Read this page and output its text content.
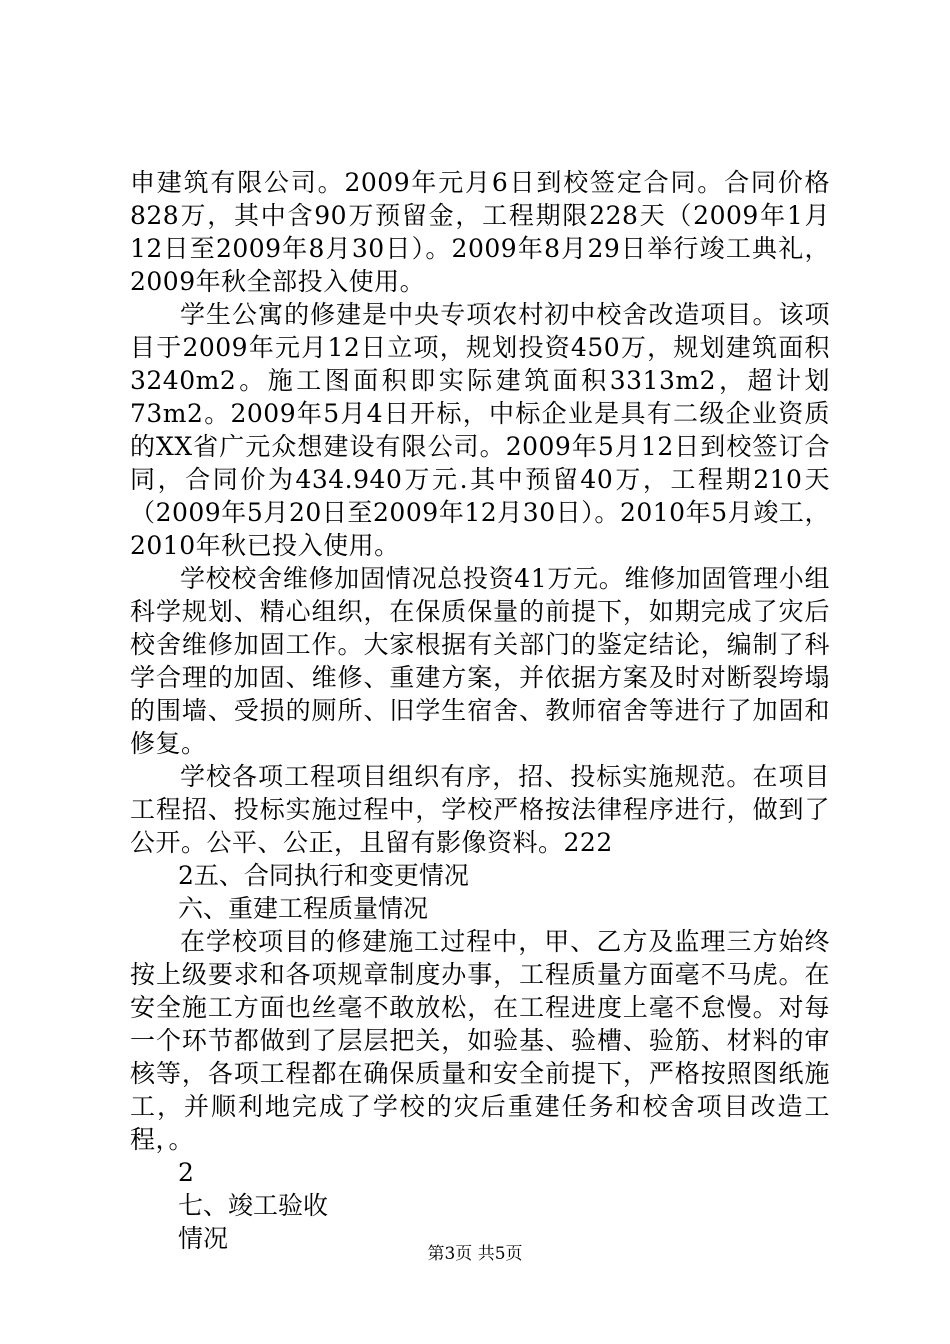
申建筑有限公司。2009年元月6日到校签定合同。合同价格828万，其中含90万预留金，工程期限228天（2009年1月12日至2009年8月30日）。2009年8月29日举行竣工典礼，2009年秋全部投入使用。

学生公寓的修建是中央专项农村初中校舍改造项目。该项目于2009年元月12日立项，规划投资450万，规划建筑面积3240m2。施工图面积即实际建筑面积3313m2，超计划73m2。2009年5月4日开标，中标企业是具有二级企业资质的XX省广元众想建设有限公司。2009年5月12日到校签订合同，合同价为434.940万元.其中预留40万，工程期210天（2009年5月20日至2009年12月30日）。2010年5月竣工，2010年秋已投入使用。

学校校舍维修加固情况总投资41万元。维修加固管理小组科学规划、精心组织，在保质保量的前提下，如期完成了灾后校舍维修加固工作。大家根据有关部门的鉴定结论，编制了科学合理的加固、维修、重建方案，并依据方案及时对断裂垮塌的围墙、受损的厕所、旧学生宿舍、教师宿舍等进行了加固和修复。

学校各项工程项目组织有序，招、投标实施规范。在项目工程招、投标实施过程中，学校严格按法律程序进行，做到了公开。公平、公正，且留有影像资料。222

2五、合同执行和变更情况

六、重建工程质量情况

在学校项目的修建施工过程中，甲、乙方及监理三方始终按上级要求和各项规章制度办事，工程质量方面毫不马虎。在安全施工方面也丝毫不敢放松，在工程进度上毫不怠慢。对每一个环节都做到了层层把关，如验基、验槽、验筋、材料的审核等，各项工程都在确保质量和安全前提下，严格按照图纸施工，并顺利地完成了学校的灾后重建任务和校舍项目改造工程，。

2

七、竣工验收

情况

第3页 共5页
